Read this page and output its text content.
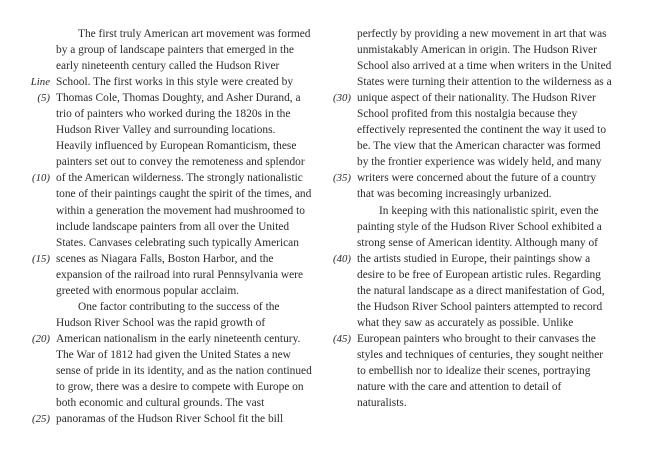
The first truly American art movement was formed
by a group of landscape painters that emerged in the
early nineteenth century called the Hudson River
Line School. The first works in this style were created by
(5) Thomas Cole, Thomas Doughty, and Asher Durand, a
trio of painters who worked during the 1820s in the
Hudson River Valley and surrounding locations.
Heavily influenced by European Romanticism, these
painters set out to convey the remoteness and splendor
(10) of the American wilderness. The strongly nationalistic
tone of their paintings caught the spirit of the times, and
within a generation the movement had mushroomed to
include landscape painters from all over the United
States. Canvases celebrating such typically American
(15) scenes as Niagara Falls, Boston Harbor, and the
expansion of the railroad into rural Pennsylvania were
greeted with enormous popular acclaim.
One factor contributing to the success of the
Hudson River School was the rapid growth of
(20) American nationalism in the early nineteenth century.
The War of 1812 had given the United States a new
sense of pride in its identity, and as the nation continued
to grow, there was a desire to compete with Europe on
both economic and cultural grounds. The vast
(25) panoramas of the Hudson River School fit the bill
perfectly by providing a new movement in art that was
unmistakably American in origin. The Hudson River
School also arrived at a time when writers in the United
States were turning their attention to the wilderness as a
(30) unique aspect of their nationality. The Hudson River
School profited from this nostalgia because they
effectively represented the continent the way it used to
be. The view that the American character was formed
by the frontier experience was widely held, and many
(35) writers were concerned about the future of a country
that was becoming increasingly urbanized.
In keeping with this nationalistic spirit, even the
painting style of the Hudson River School exhibited a
strong sense of American identity. Although many of
(40) the artists studied in Europe, their paintings show a
desire to be free of European artistic rules. Regarding
the natural landscape as a direct manifestation of God,
the Hudson River School painters attempted to record
what they saw as accurately as possible. Unlike
(45) European painters who brought to their canvases the
styles and techniques of centuries, they sought neither
to embellish nor to idealize their scenes, portraying
nature with the care and attention to detail of
naturalists.
